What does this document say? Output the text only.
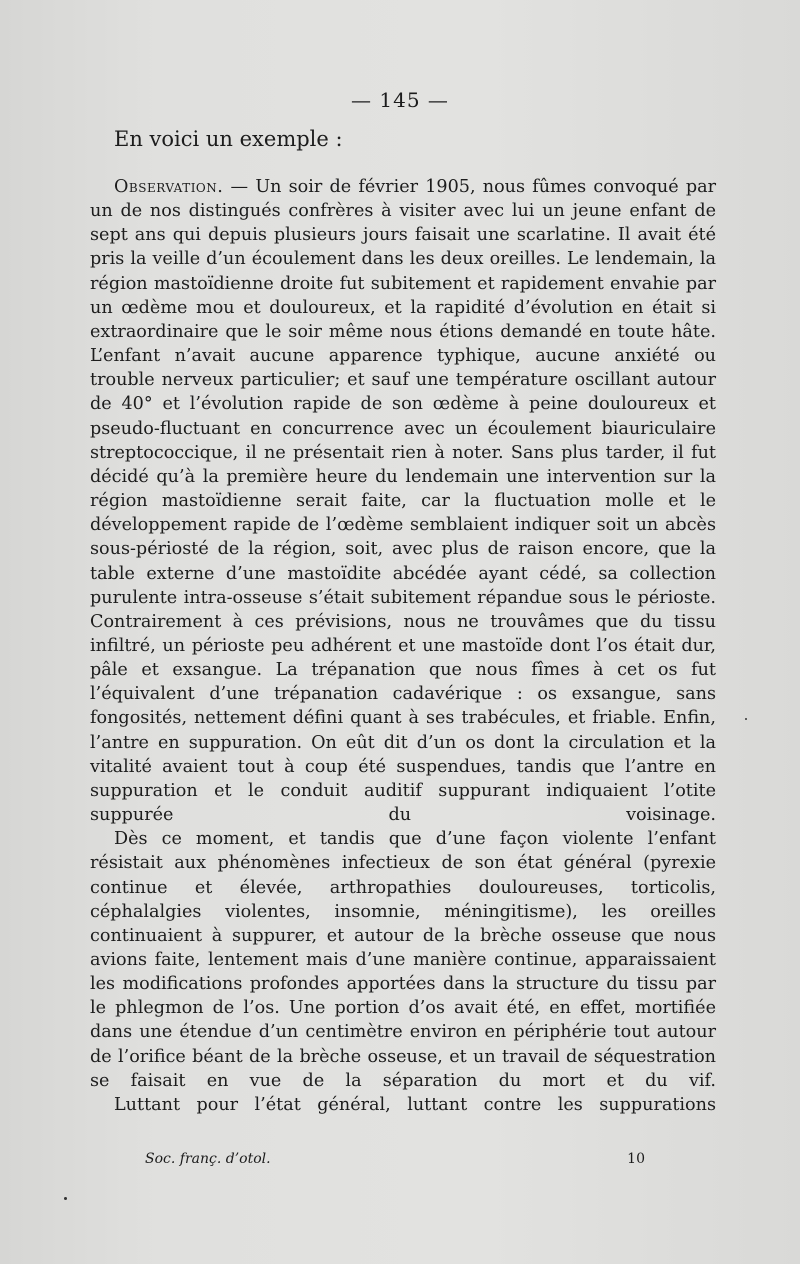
— 145 —
En voici un exemple :

Observation. — Un soir de février 1905, nous fûmes convoqué par un de nos distingués confrères à visiter avec lui un jeune enfant de sept ans qui depuis plusieurs jours faisait une scarlatine. Il avait été pris la veille d’un écoulement dans les deux oreilles. Le lendemain, la région mastoïdienne droite fut subitement et rapidement envahie par un œdème mou et douloureux, et la rapidité d’évolution en était si extraordinaire que le soir même nous étions demandé en toute hâte. L’enfant n’avait aucune apparence typhique, aucune anxiété ou trouble nerveux particulier; et sauf une température oscillant autour de 40° et l’évolution rapide de son œdème à peine douloureux et pseudo-fluctuant en concurrence avec un écoulement biauriculaire streptococcique, il ne présentait rien à noter. Sans plus tarder, il fut décidé qu’à la première heure du lendemain une intervention sur la région mastoïdienne serait faite, car la fluctuation molle et le développement rapide de l’œdème semblaient indiquer soit un abcès sous-périosté de la région, soit, avec plus de raison encore, que la table externe d’une mastoïdite abcédée ayant cédé, sa collection purulente intra-osseuse s’était subitement répandue sous le périoste. Contrairement à ces prévisions, nous ne trouvâmes que du tissu infiltré, un périoste peu adhérent et une mastoïde dont l’os était dur, pâle et exsangue. La trépanation que nous fîmes à cet os fut l’équivalent d’une trépanation cadavérique : os exsangue, sans fongosités, nettement défini quant à ses trabécules, et friable. Enfin, l’antre en suppuration. On eût dit d’un os dont la circulation et la vitalité avaient tout à coup été suspendues, tandis que l’antre en suppuration et le conduit auditif suppurant indiquaient l’otite suppurée du voisinage.

Dès ce moment, et tandis que d’une façon violente l’enfant résistait aux phénomènes infectieux de son état général (pyrexie continue et élevée, arthropathies douloureuses, torticolis, céphalalgies violentes, insomnie, méningitisme), les oreilles continuaient à suppurer, et autour de la brèche osseuse que nous avions faite, lentement mais d’une manière continue, apparaissaient les modifications profondes apportées dans la structure du tissu par le phlegmon de l’os. Une portion d’os avait été, en effet, mortifiée dans une étendue d’un centimètre environ en périphérie tout autour de l’orifice béant de la brèche osseuse, et un travail de séquestration se faisait en vue de la séparation du mort et du vif.

Luttant pour l’état général, luttant contre les suppurations

Soc. franç. d’otol.	10
